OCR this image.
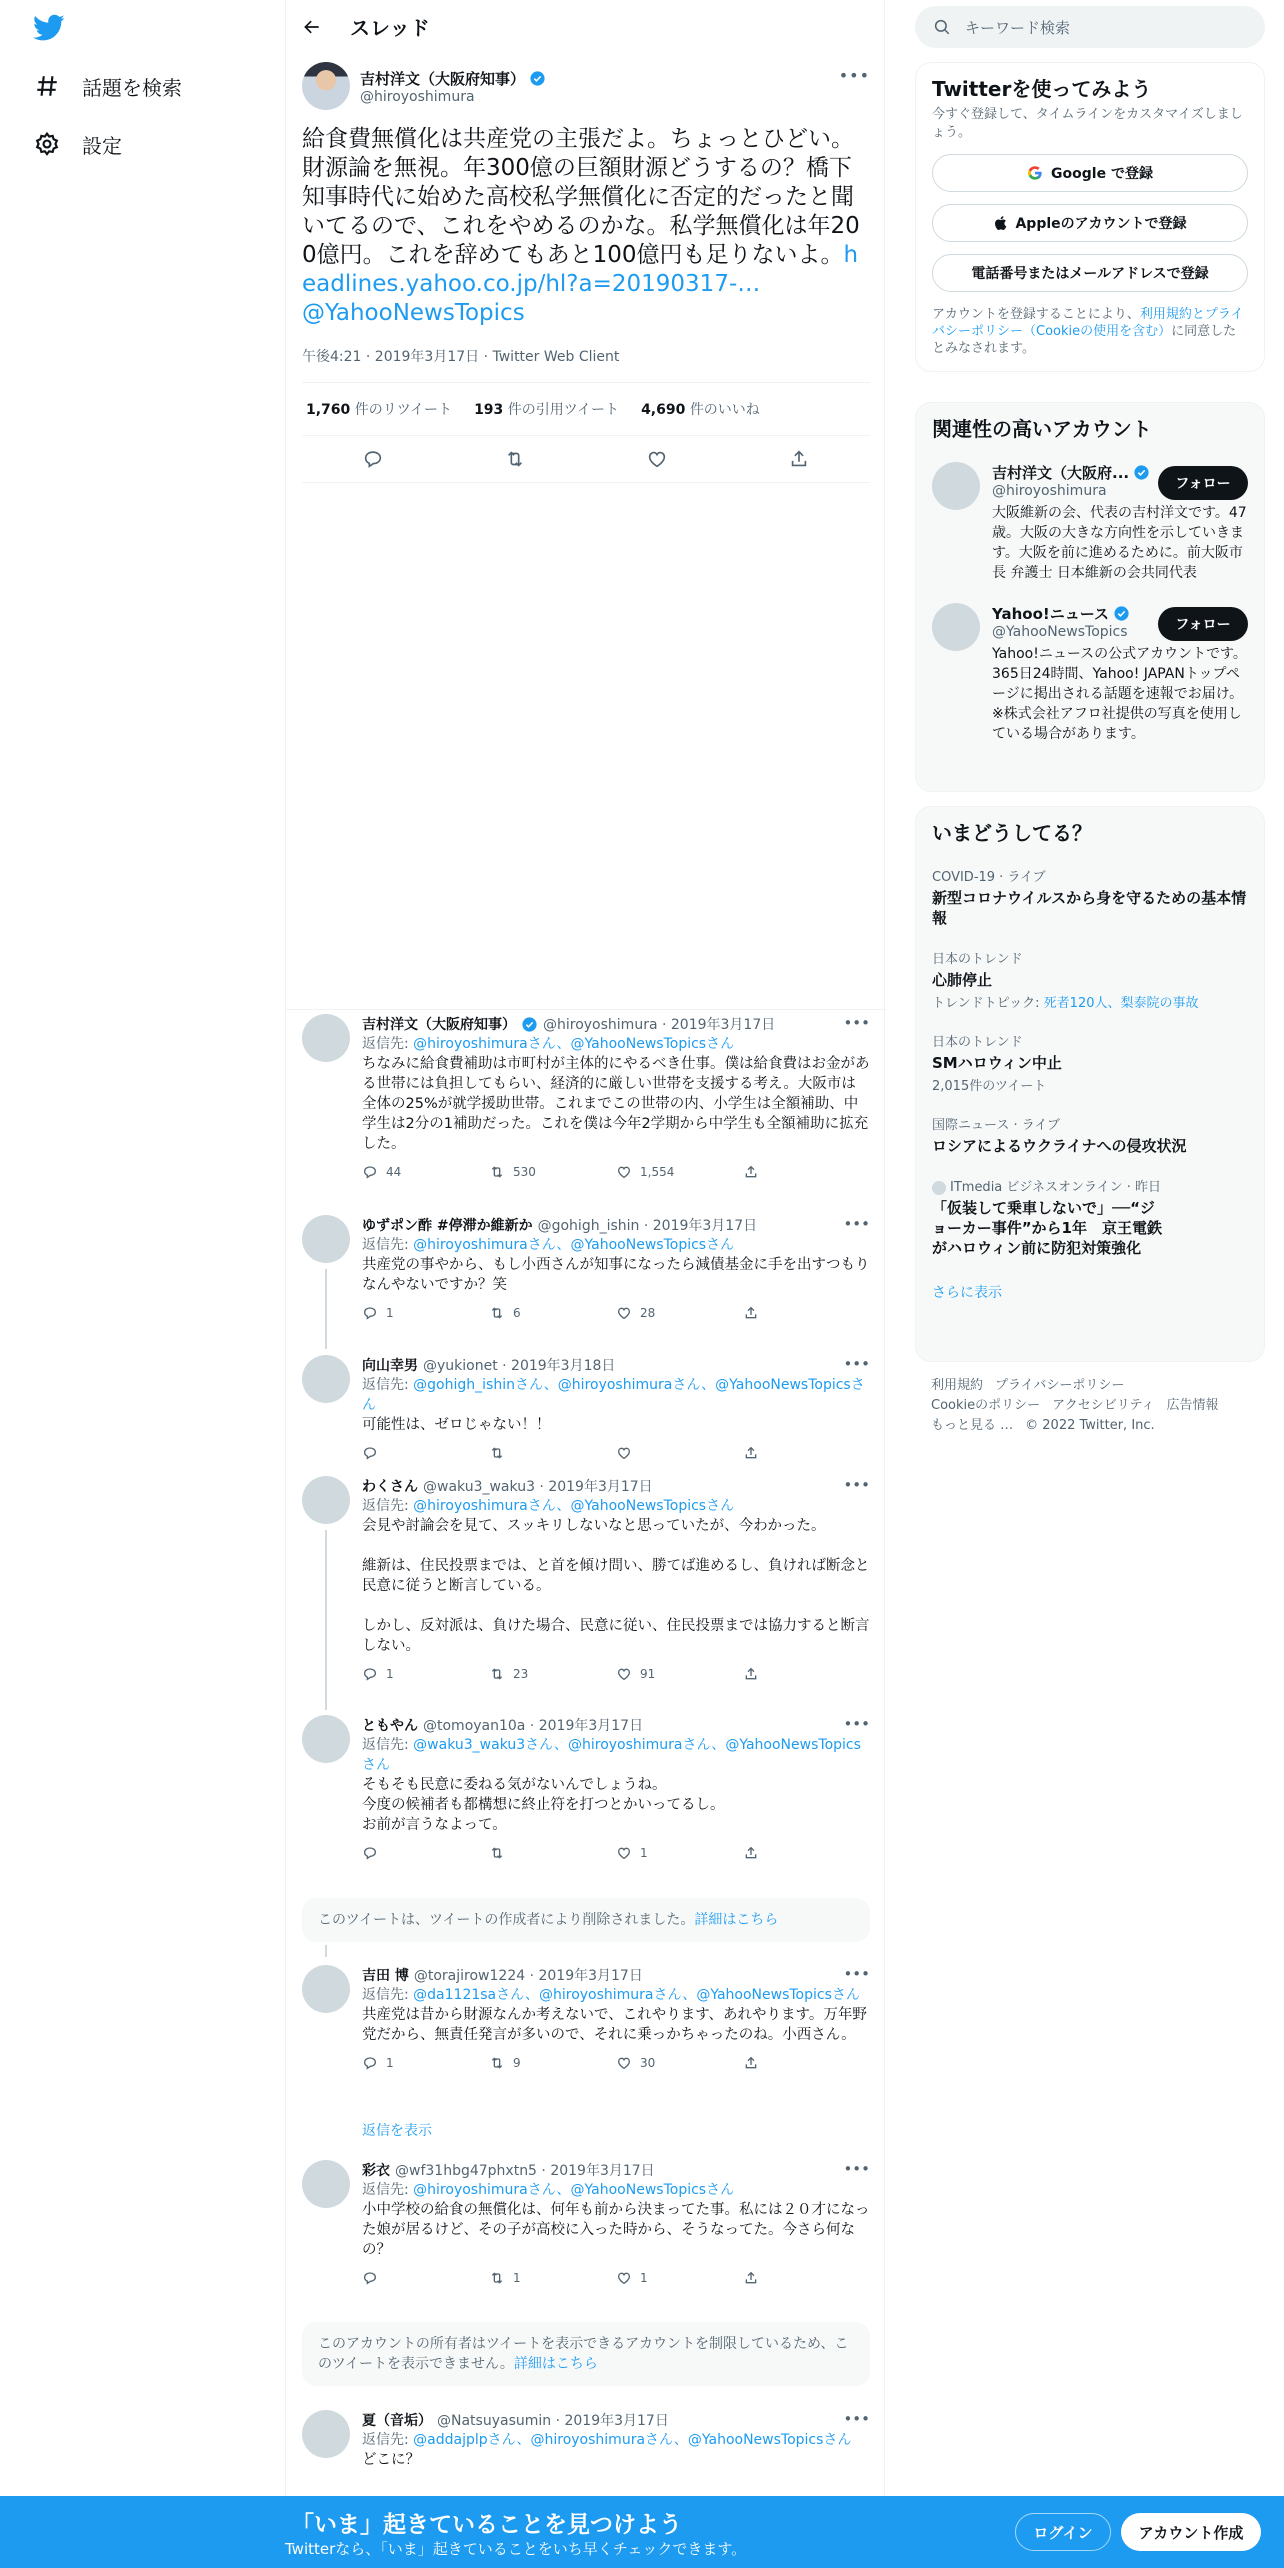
話題を検索
設定
スレッド
吉村洋文（大阪府知事）
@hiroyoshimura
•••
給食費無償化は共産党の主張だよ。ちょっとひどい。財源論を無視。年300億の巨額財源どうするの？橋下知事時代に始めた高校私学無償化に否定的だったと聞いてるので、これをやめるのかな。私学無償化は年200億円。これを辞めてもあと100億円も足りないよ。headlines.yahoo.co.jp/hl?a=20190317-…
@YahooNewsTopics
午後4:21 · 2019年3月17日 · Twitter Web Client
1,760 件のリツイート 193 件の引用ツイート 4,690 件のいいね
吉村洋文（大阪府知事） @hiroyoshimura · 2019年3月17日	•••
返信先: @hiroyoshimuraさん、@YahooNewsTopicsさん
ちなみに給食費補助は市町村が主体的にやるべき仕事。僕は給食費はお金がある世帯には負担してもらい、経済的に厳しい世帯を支援する考え。大阪市は全体の25%が就学援助世帯。これまでこの世帯の内、小学生は全額補助、中学生は2分の1補助だった。これを僕は今年2学期から中学生も全額補助に拡充した。
44	530	1,554
ゆずポン酢 #停滞か維新か @gohigh_ishin · 2019年3月17日	•••
返信先: @hiroyoshimuraさん、@YahooNewsTopicsさん
共産党の事やから、もし小西さんが知事になったら減債基金に手を出すつもりなんやないですか？笑
1	6	28
向山幸男 @yukionet · 2019年3月18日	•••
返信先: @gohigh_ishinさん、@hiroyoshimuraさん、@YahooNewsTopicsさん
可能性は、ゼロじゃない！！
わくさん @waku3_waku3 · 2019年3月17日	•••
返信先: @hiroyoshimuraさん、@YahooNewsTopicsさん
会見や討論会を見て、スッキリしないなと思っていたが、今わかった。

維新は、住民投票までは、と首を傾け問い、勝てば進めるし、負ければ断念と民意に従うと断言している。

しかし、反対派は、負けた場合、民意に従い、住民投票までは協力すると断言しない。
1	23	91
ともやん @tomoyan10a · 2019年3月17日	•••
返信先: @waku3_waku3さん、@hiroyoshimuraさん、@YahooNewsTopicsさん
そもそも民意に委ねる気がないんでしょうね。
今度の候補者も都構想に終止符を打つとかいってるし。
お前が言うなよって。
1
このツイートは、ツイートの作成者により削除されました。詳細はこちら
吉田 博 @torajirow1224 · 2019年3月17日	•••
返信先: @da1121saさん、@hiroyoshimuraさん、@YahooNewsTopicsさん
共産党は昔から財源なんか考えないで、これやります、あれやります。万年野党だから、無責任発言が多いので、それに乗っかちゃったのね。小西さん。
1	9	30
返信を表示
彩衣 @wf31hbg47phxtn5 · 2019年3月17日	•••
返信先: @hiroyoshimuraさん、@YahooNewsTopicsさん
小中学校の給食の無償化は、何年も前から決まってた事。私には２０才になった娘が居るけど、その子が高校に入った時から、そうなってた。今さら何なの？
1	1
このアカウントの所有者はツイートを表示できるアカウントを制限しているため、このツイートを表示できません。詳細はこちら
夏（音垢） @Natsuyasumin · 2019年3月17日	•••
返信先: @addajplpさん、@hiroyoshimuraさん、@YahooNewsTopicsさん
どこに？
キーワード検索
Twitterを使ってみよう
今すぐ登録して、タイムラインをカスタマイズしましょう。
Google で登録
Appleのアカウントで登録
電話番号またはメールアドレスで登録
アカウントを登録することにより、利用規約とプライバシーポリシー（Cookieの使用を含む）に同意したとみなされます。
関連性の高いアカウント
吉村洋文（大阪府...
@hiroyoshimura
大阪維新の会、代表の吉村洋文です。47歳。大阪の大きな方向性を示していきます。大阪を前に進めるために。前大阪市長 弁護士 日本維新の会共同代表
フォロー
Yahoo!ニュース
@YahooNewsTopics
Yahoo!ニュースの公式アカウントです。365日24時間、Yahoo! JAPANトップページに掲出される話題を速報でお届け。※株式会社アフロ社提供の写真を使用している場合があります。
フォロー
いまどうしてる？
COVID-19 · ライブ
新型コロナウイルスから身を守るための基本情報
日本のトレンド
心肺停止
トレンドトピック: 死者120人、梨泰院の事故
日本のトレンド
SMハロウィン中止
2,015件のツイート
国際ニュース · ライブ
ロシアによるウクライナへの侵攻状況
ITmedia ビジネスオンライン · 昨日
「仮装して乗車しないで」──“ジョーカー事件”から1年　京王電鉄がハロウィン前に防犯対策強化
さらに表示
利用規約 プライバシーポリシー
Cookieのポリシー アクセシビリティ 広告情報
もっと見る … © 2022 Twitter, Inc.
「いま」起きていることを見つけよう
Twitterなら、「いま」起きていることをいち早くチェックできます。
ログイン	アカウント作成
